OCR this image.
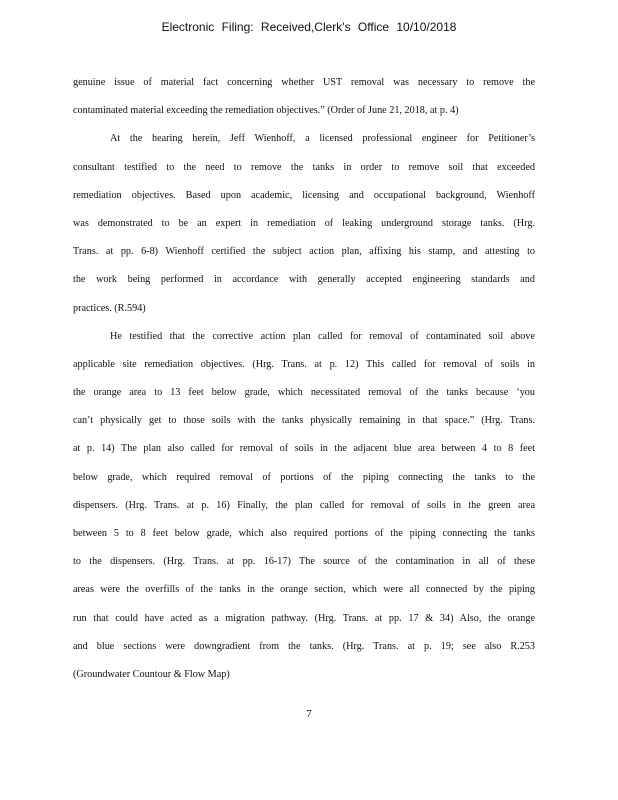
Electronic Filing: Received,Clerk's Office 10/10/2018
genuine issue of material fact concerning whether UST removal was necessary to remove the
contaminated material exceeding the remediation objectives.” (Order of June 21, 2018, at p. 4)
At the hearing herein, Jeff Wienhoff, a licensed professional engineer for Petitioner’s
consultant testified to the need to remove the tanks in order to remove soil that exceeded
remediation objectives. Based upon academic, licensing and occupational background, Wienhoff
was demonstrated to be an expert in remediation of leaking underground storage tanks. (Hrg.
Trans. at pp. 6-8) Wienhoff certified the subject action plan, affixing his stamp, and attesting to
the work being performed in accordance with generally accepted engineering standards and
practices. (R.594)
He testified that the corrective action plan called for removal of contaminated soil above
applicable site remediation objectives. (Hrg. Trans. at p. 12) This called for removal of soils in
the orange area to 13 feet below grade, which necessitated removal of the tanks because ‘you
can’t physically get to those soils with the tanks physically remaining in that space.” (Hrg. Trans.
at p. 14) The plan also called for removal of soils in the adjacent blue area between 4 to 8 feet
below grade, which required removal of portions of the piping connecting the tanks to the
dispensers. (Hrg. Trans. at p. 16) Finally, the plan called for removal of soils in the green area
between 5 to 8 feet below grade, which also required portions of the piping connecting the tanks
to the dispensers. (Hrg. Trans. at pp. 16-17) The source of the contamination in all of these
areas were the overfills of the tanks in the orange section, which were all connected by the piping
run that could have acted as a migration pathway. (Hrg. Trans. at pp. 17 & 34) Also, the orange
and blue sections were downgradient from the tanks. (Hrg. Trans. at p. 19; see also R.253
(Groundwater Countour & Flow Map)
7
